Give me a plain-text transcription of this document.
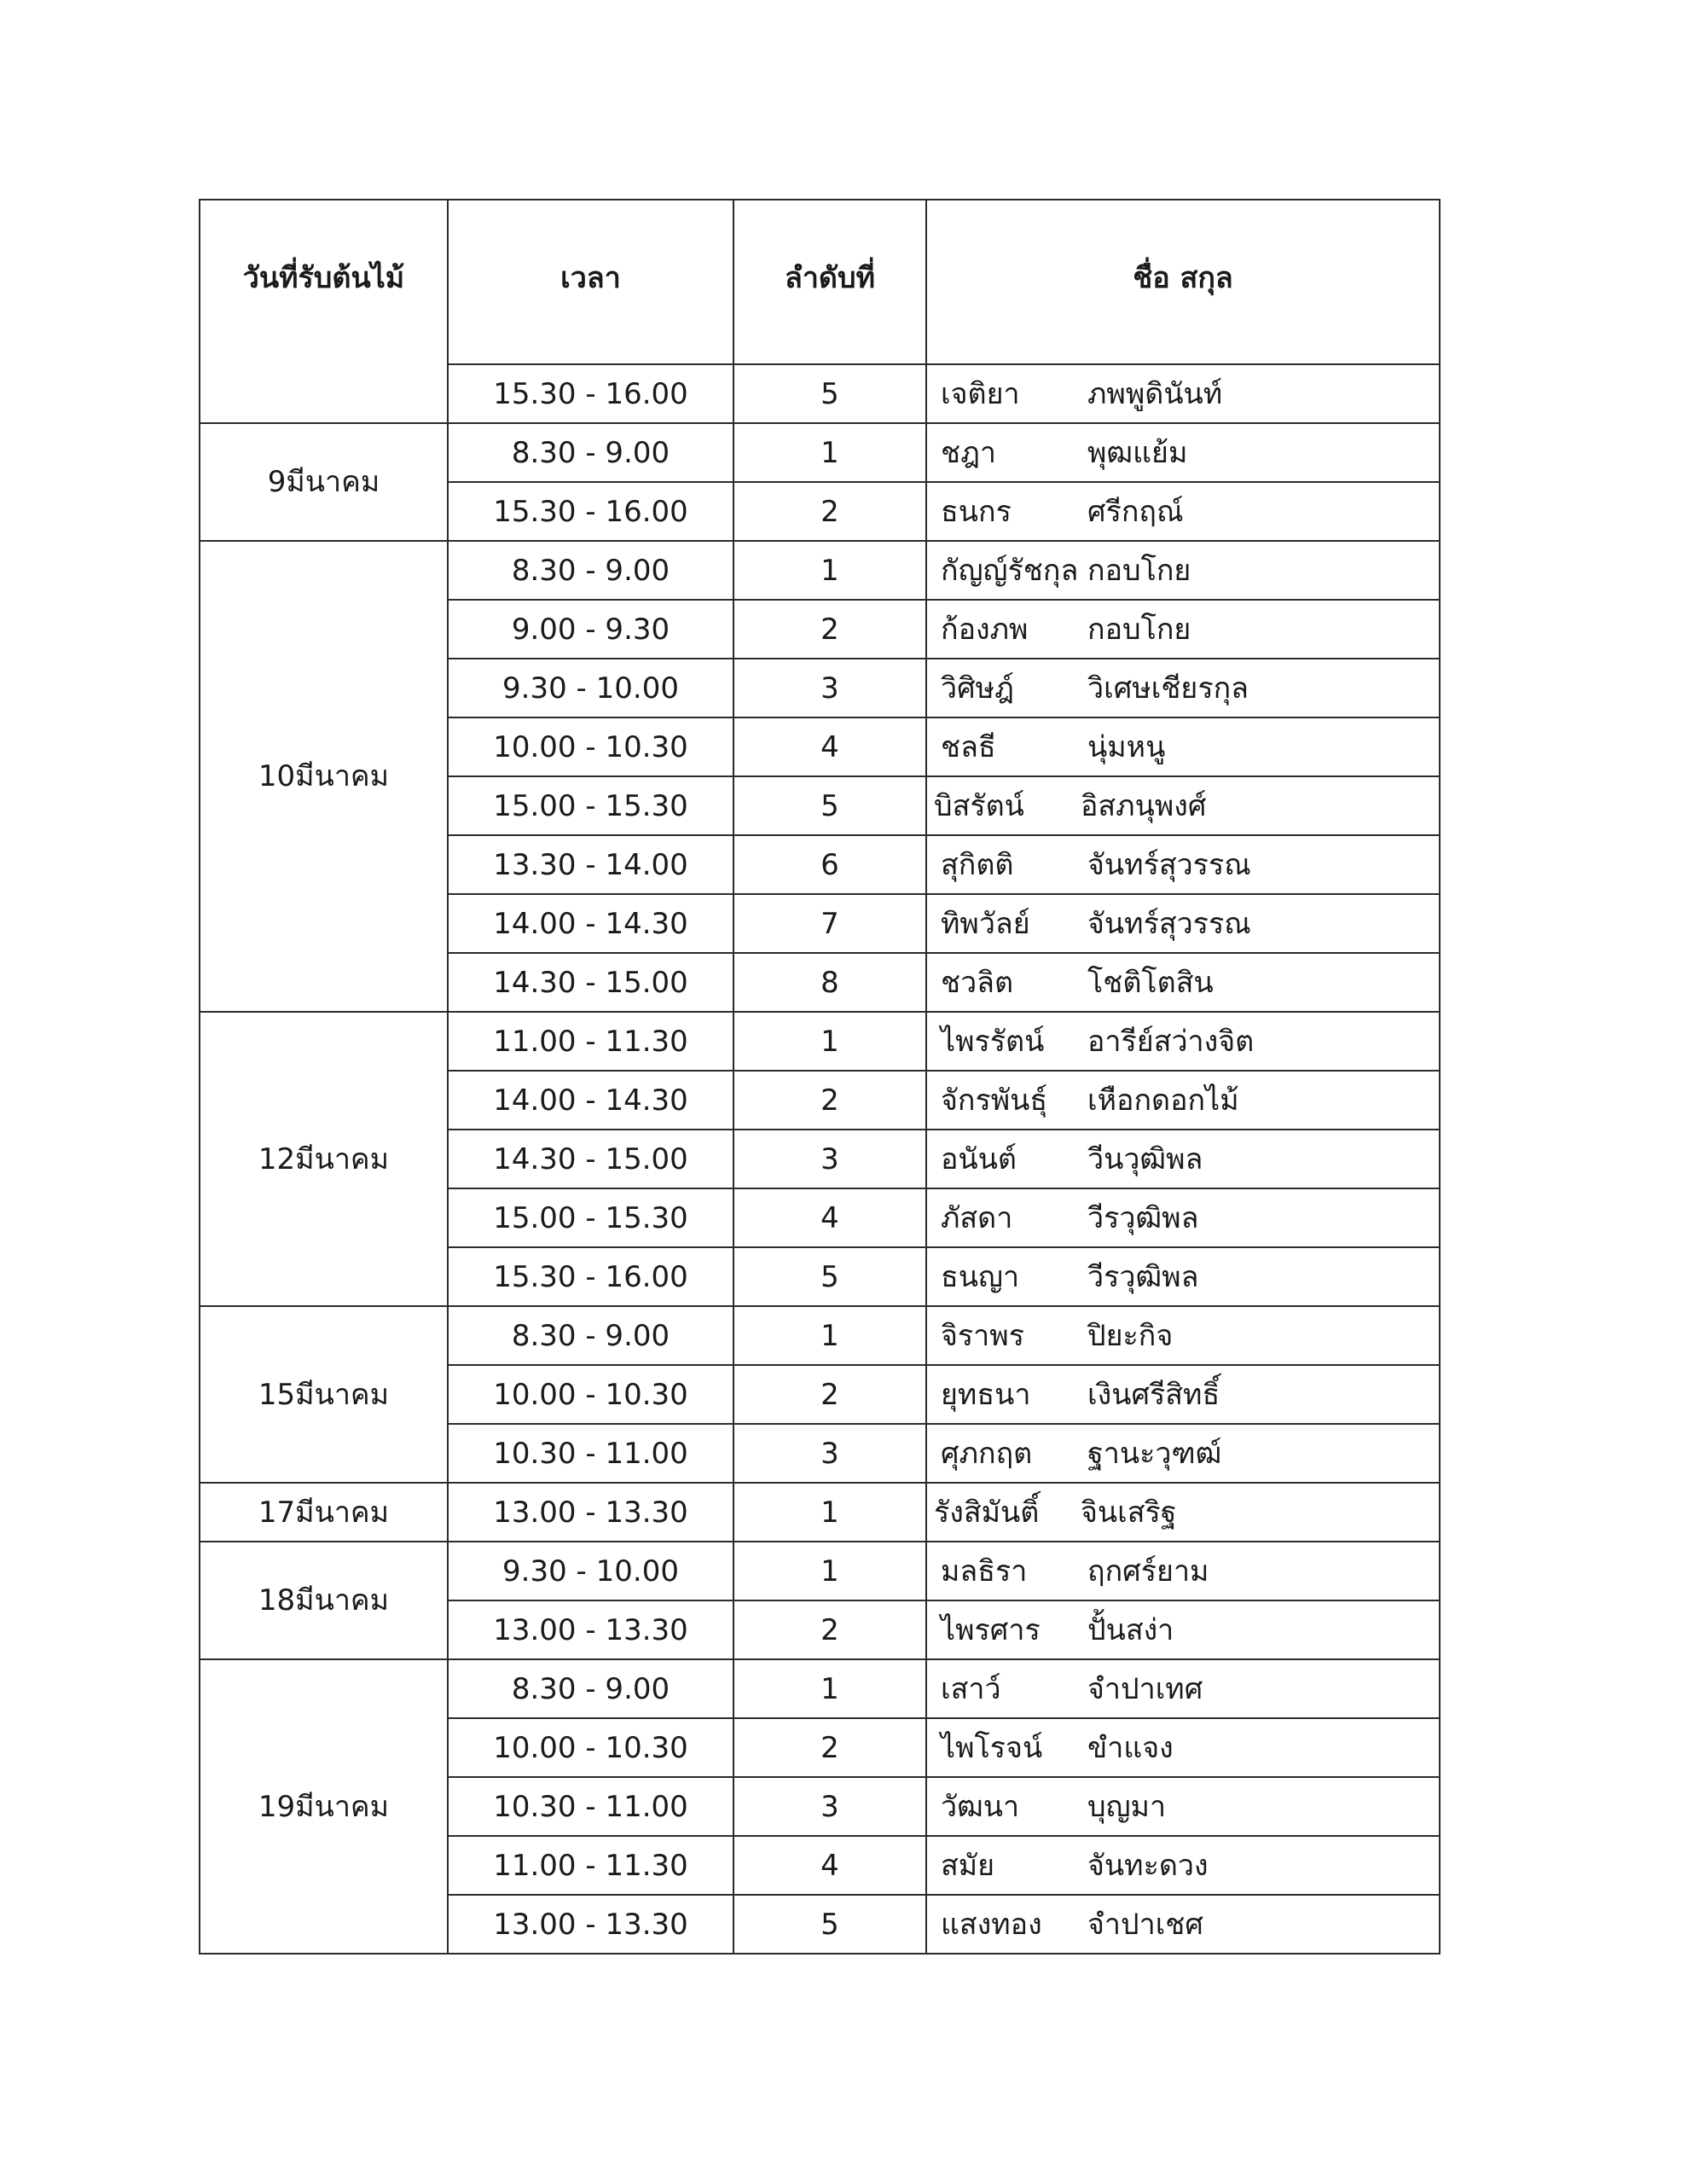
วันที่รับต้นไม้	เวลา	ลำดับที่	ชื่อ สกุล
	15.30 - 16.00	5	เจติยา ภพพูดินันท์

9มีนาคม	8.30 - 9.00	1	ชฎา พุฒแย้ม

	15.30 - 16.00	2	ธนกร ศรีกฤณ์

10มีนาคม	8.30 - 9.00	1	กัญญ์รัชกุล กอบโกย

	9.00 - 9.30	2	ก้องภพ กอบโกย

	9.30 - 10.00	3	วิศิษฎ์ วิเศษเชียรกุล

	10.00 - 10.30	4	ชลธี นุ่มหนู

	15.00 - 15.30	5	บิสรัตน์ อิสภนุพงศ์

	13.30 - 14.00	6	สุกิตติ จันทร์สุวรรณ

	14.00 - 14.30	7	ทิพวัลย์ จันทร์สุวรรณ

	14.30 - 15.00	8	ชวลิต โชติโตสิน

12มีนาคม	11.00 - 11.30	1	ไพรรัตน์ อารีย์สว่างจิต

	14.00 - 14.30	2	จักรพันธุ์ เหือกดอกไม้

	14.30 - 15.00	3	อนันต์ วีนวุฒิพล

	15.00 - 15.30	4	ภัสดา วีรวุฒิพล

	15.30 - 16.00	5	ธนญา วีรวุฒิพล

15มีนาคม	8.30 - 9.00	1	จิราพร ปิยะกิจ

	10.00 - 10.30	2	ยุทธนา เงินศรีสิทธิ์

	10.30 - 11.00	3	ศุภกฤต ฐานะวุฑฒ์

17มีนาคม	13.00 - 13.30	1	รังสิมันติ์ จินเสริฐ

18มีนาคม	9.30 - 10.00	1	มลธิรา ฤกศร์ยาม

	13.00 - 13.30	2	ไพรศาร ปั้นสง่า

19มีนาคม	8.30 - 9.00	1	เสาว์ จำปาเทศ

	10.00 - 10.30	2	ไพโรจน์ ขำแจง

	10.30 - 11.00	3	วัฒนา บุญมา

	11.00 - 11.30	4	สมัย จันทะดวง

	13.00 - 13.30	5	แสงทอง จำปาเชศ
